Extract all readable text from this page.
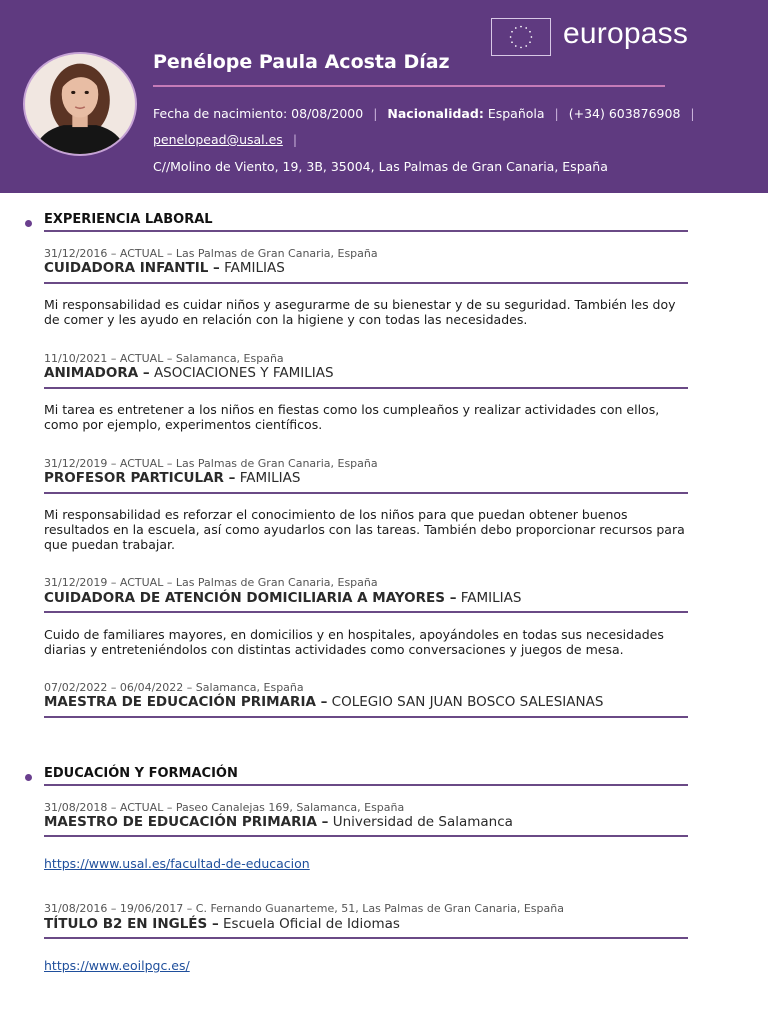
Penélope Paula Acosta Díaz
Fecha de nacimiento: 08/08/2000 | Nacionalidad: Española | (+34) 603876908 |
penelopead@usal.es |
C//Molino de Viento, 19, 3B, 35004, Las Palmas de Gran Canaria, España
europass
EXPERIENCIA LABORAL
31/12/2016 – ACTUAL – Las Palmas de Gran Canaria, España
CUIDADORA INFANTIL – FAMILIAS
Mi responsabilidad es cuidar niños y asegurarme de su bienestar y de su seguridad. También les doy de comer y les ayudo en relación con la higiene y con todas las necesidades.
11/10/2021 – ACTUAL – Salamanca, España
ANIMADORA – ASOCIACIONES Y FAMILIAS
Mi tarea es entretener a los niños en fiestas como los cumpleaños y realizar actividades con ellos, como por ejemplo, experimentos científicos.
31/12/2019 – ACTUAL – Las Palmas de Gran Canaria, España
PROFESOR PARTICULAR – FAMILIAS
Mi responsabilidad es reforzar el conocimiento de los niños para que puedan obtener buenos resultados en la escuela, así como ayudarlos con las tareas. También debo proporcionar recursos para que puedan trabajar.
31/12/2019 – ACTUAL – Las Palmas de Gran Canaria, España
CUIDADORA DE ATENCIÓN DOMICILIARIA A MAYORES – FAMILIAS
Cuido de familiares mayores, en domicilios y en hospitales, apoyándoles en todas sus necesidades diarias y entreteniéndolos con distintas actividades como conversaciones y juegos de mesa.
07/02/2022 – 06/04/2022 – Salamanca, España
MAESTRA DE EDUCACIÓN PRIMARIA – COLEGIO SAN JUAN BOSCO SALESIANAS
EDUCACIÓN Y FORMACIÓN
31/08/2018 – ACTUAL – Paseo Canalejas 169, Salamanca, España
MAESTRO DE EDUCACIÓN PRIMARIA – Universidad de Salamanca
https://www.usal.es/facultad-de-educacion
31/08/2016 – 19/06/2017 – C. Fernando Guanarteme, 51, Las Palmas de Gran Canaria, España
TÍTULO B2 EN INGLÉS – Escuela Oficial de Idiomas
https://www.eoilpgc.es/
